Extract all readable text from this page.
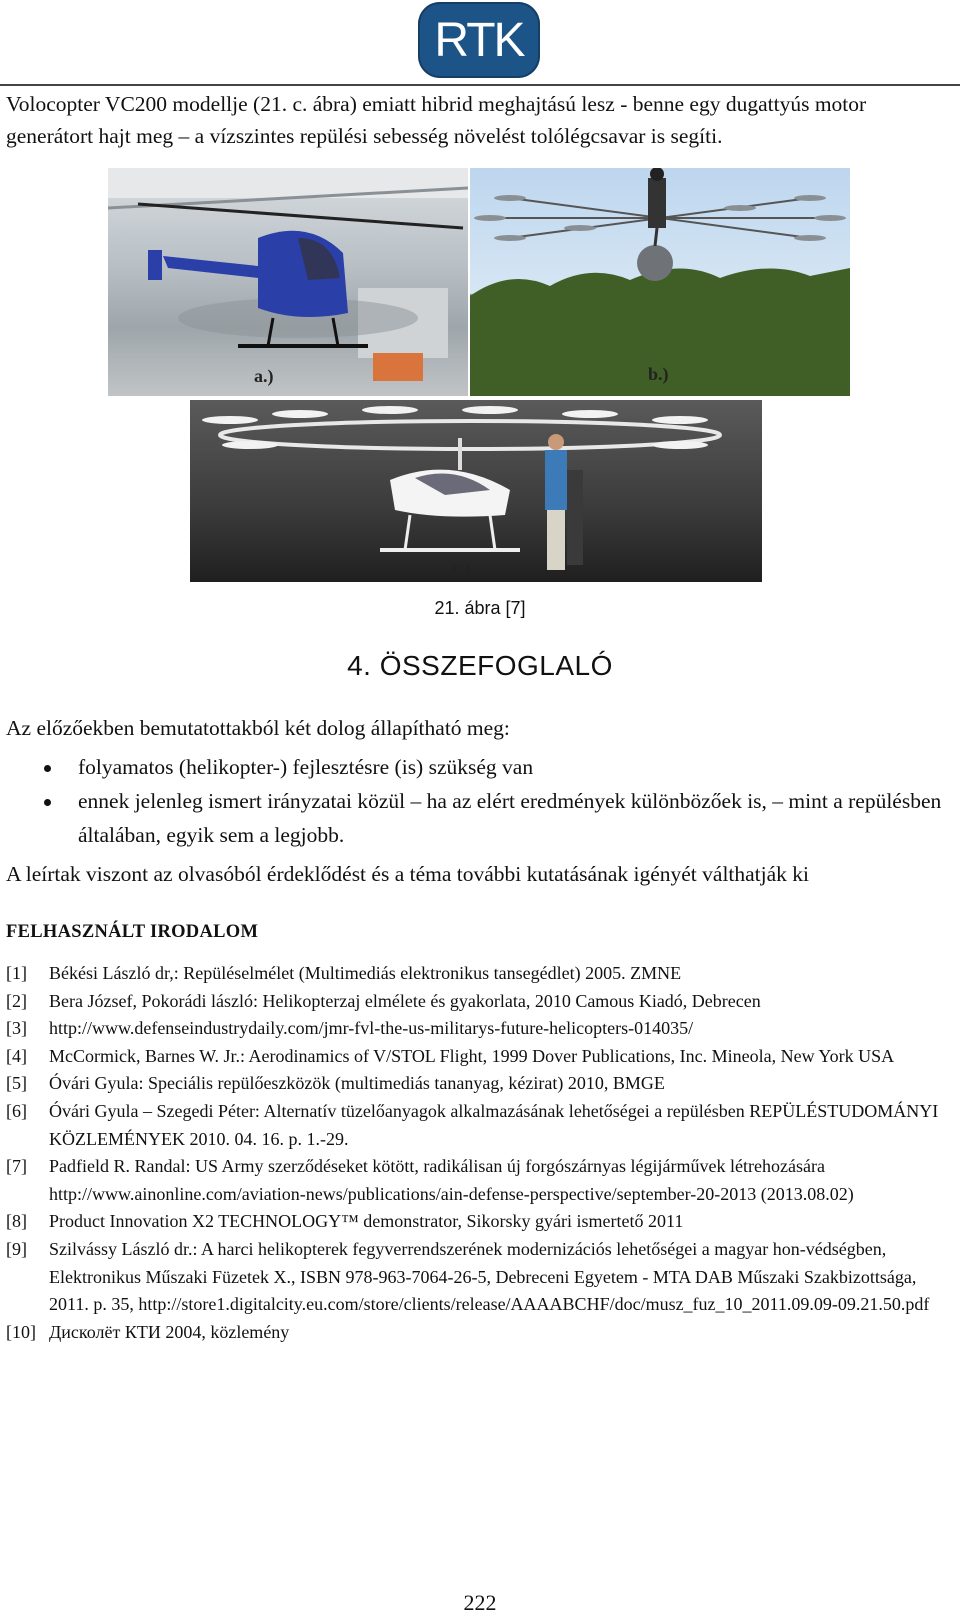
RTK
Volocopter VC200 modellje (21. c. ábra) emiatt hibrid meghajtású lesz - benne egy dugattyús motor generátort hajt meg – a vízszintes repülési sebesség növelést tolólégcsavar is segíti.
a.)	b.)
c.)
21. ábra [7]
4. ÖSSZEFOGLALÓ
Az előzőekben bemutatottakból két dolog állapítható meg:
folyamatos (helikopter-) fejlesztésre (is) szükség van
ennek jelenleg ismert irányzatai közül – ha az elért eredmények különbözőek is, – mint a repülésben általában, egyik sem a legjobb.
A leírtak viszont az olvasóból érdeklődést és a téma további kutatásának igényét válthatják ki
FELHASZNÁLT IRODALOM
[1] Békési László dr,: Repüléselmélet (Multimediás elektronikus tansegédlet) 2005. ZMNE
[2] Bera József, Pokorádi lászló: Helikopterzaj elmélete és gyakorlata, 2010 Camous Kiadó, Debrecen
[3] http://www.defenseindustrydaily.com/jmr-fvl-the-us-militarys-future-helicopters-014035/
[4] McCormick, Barnes W. Jr.: Aerodinamics of V/STOL Flight, 1999 Dover Publications, Inc. Mineola, New York USA
[5] Óvári Gyula: Speciális repülőeszközök (multimediás tananyag, kézirat) 2010, BMGE
[6] Óvári Gyula – Szegedi Péter: Alternatív tüzelőanyagok alkalmazásának lehetőségei a repülésben REPÜLÉSTUDOMÁNYI KÖZLEMÉNYEK 2010. 04. 16. p. 1.-29.
[7] Padfield R. Randal: US Army szerződéseket kötött, radikálisan új forgószárnyas légijárművek létrehozására http://www.ainonline.com/aviation-news/publications/ain-defense-perspective/september-20-2013 (2013.08.02)
[8] Product Innovation X2 TECHNOLOGY™ demonstrator, Sikorsky gyári ismertető 2011
[9] Szilvássy László dr.: A harci helikopterek fegyverrendszerének modernizációs lehetőségei a magyar hon-védségben, Elektronikus Műszaki Füzetek X., ISBN 978-963-7064-26-5, Debreceni Egyetem - MTA DAB Műszaki Szakbizottsága, 2011. p. 35, http://store1.digitalcity.eu.com/store/clients/release/AAAABCHF/doc/musz_fuz_10_2011.09.09-09.21.50.pdf
[10] Дисколёт КТИ 2004, közlemény
222
